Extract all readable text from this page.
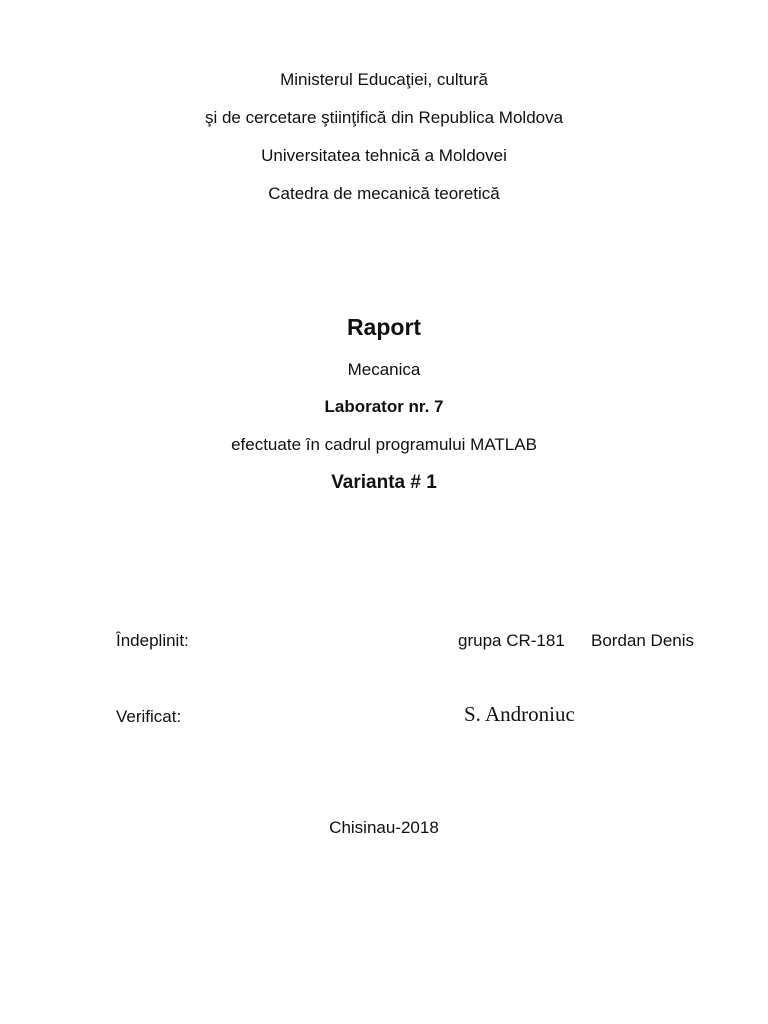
Ministerul Educaţiei, cultură
şi de cercetare ştiinţifică din Republica Moldova
Universitatea tehnică a Moldovei
Catedra de mecanică teoretică
Raport
Mecanica
Laborator nr. 7
efectuate în cadrul programului MATLAB
Varianta # 1
Îndeplinit:	grupa CR-181 Bordan Denis
Verificat:	S. Androniuc
Chisinau-2018
